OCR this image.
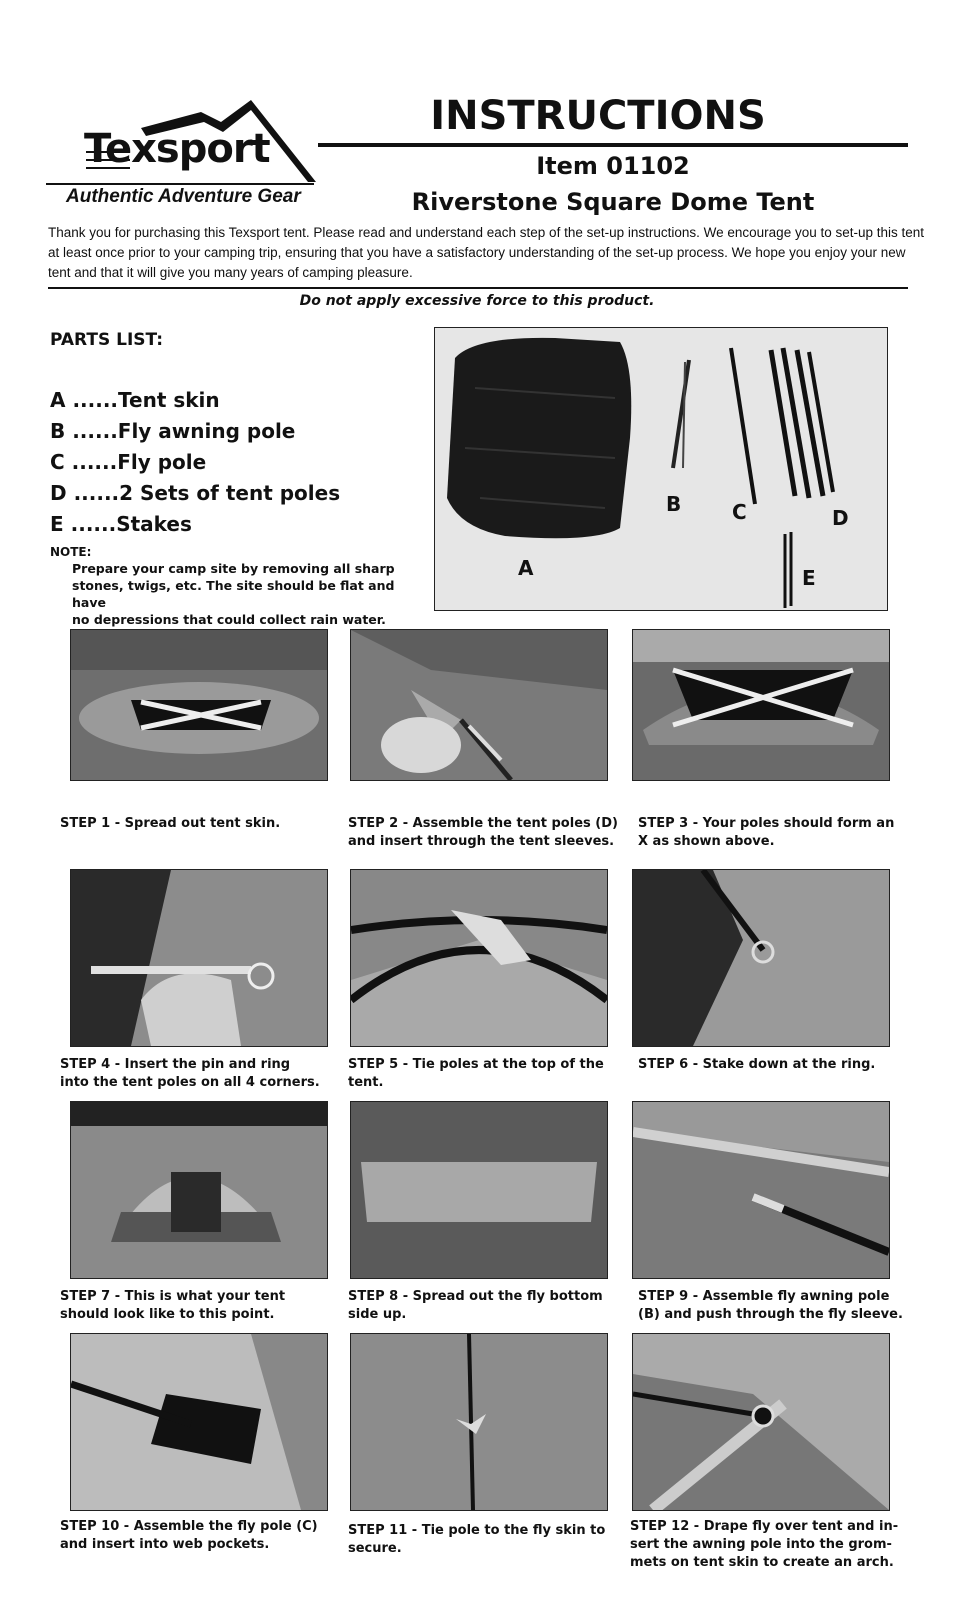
Texsport
Authentic Adventure Gear
INSTRUCTIONS
Item 01102
Riverstone Square Dome Tent
Thank you for purchasing this Texsport tent. Please read and understand each step of the set-up instructions. We encourage you to set-up this tent
at least once prior to your camping trip, ensuring that you have a satisfactory understanding of the set-up process. We hope you enjoy your new
tent and that it will give you many years of camping pleasure.
Do not apply excessive force to this product.
PARTS LIST:
A ......Tent skin
B ......Fly awning pole
C ......Fly pole
D ......2 Sets of tent poles
E ......Stakes
NOTE:
Prepare your camp site by removing all sharp
stones, twigs, etc. The site should be flat and have
no depressions that could collect rain water.
A
B	C	D
E
STEP 1 - Spread out tent skin.	STEP 2 - Assemble the tent poles (D)
and insert through the tent sleeves.
STEP 3 - Your poles should form an
X as shown above.
STEP 4 - Insert the pin and ring
into the tent poles on all 4 corners.
STEP 5 - Tie poles at the top of the
tent.
STEP 6 - Stake down at the ring.
STEP 7 - This is what your tent
should look like to this point.
STEP 8 - Spread out the fly bottom
side up.
STEP 9 - Assemble fly awning pole
(B) and push through the fly sleeve.
STEP 10 - Assemble the fly pole (C)
and insert into web pockets.
STEP 11 - Tie pole to the fly skin to
secure.
STEP 12 - Drape fly over tent and in-
sert the awning pole into the grom-
mets on tent skin to create an arch.
